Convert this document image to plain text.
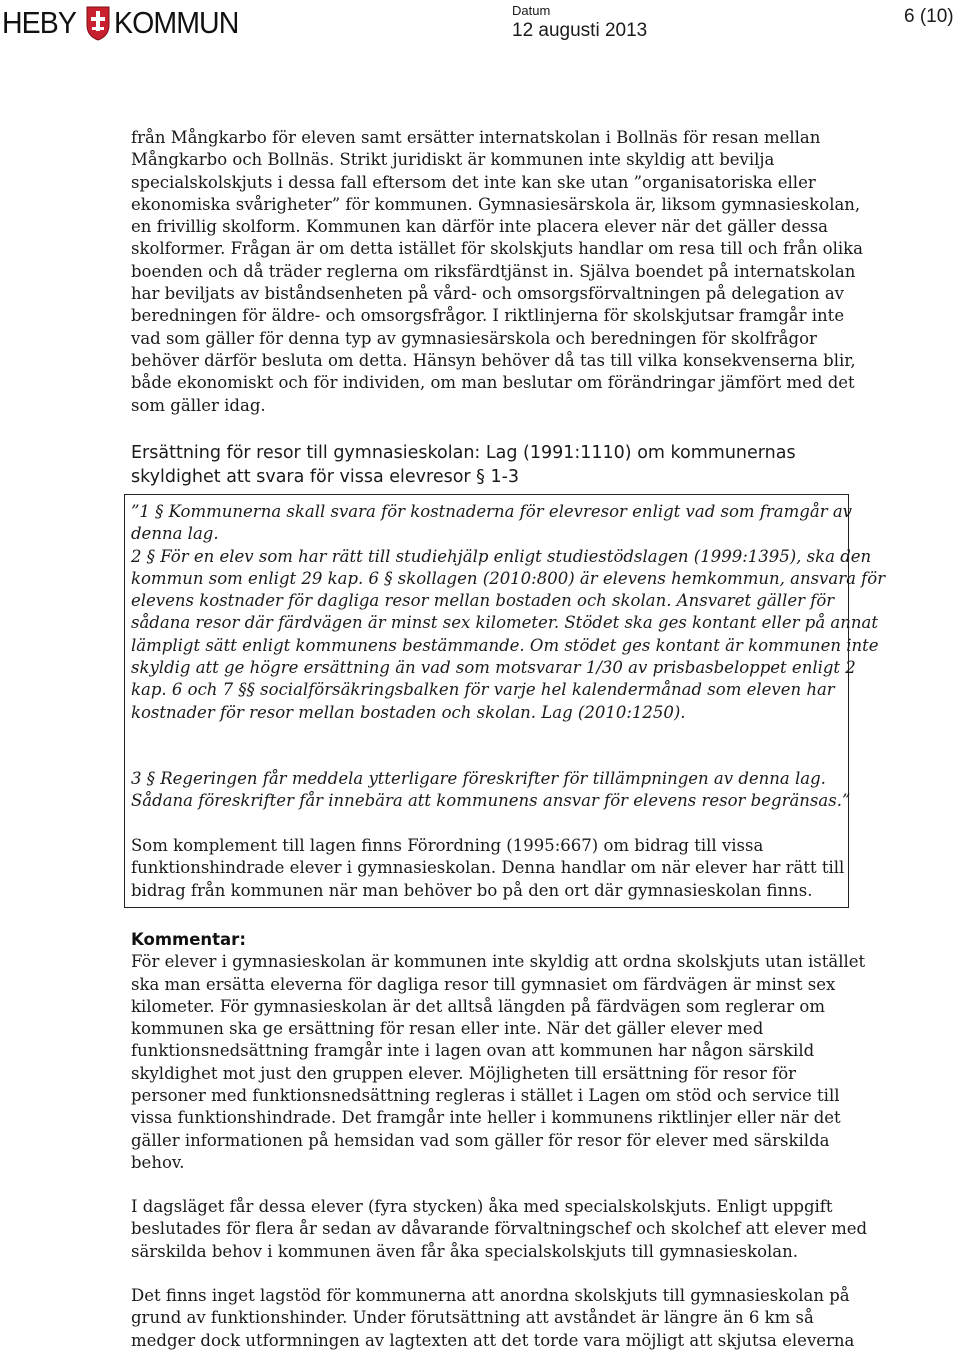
HEBY KOMMUN	Datum
12 augusti 2013
6 (10)
från Mångkarbo för eleven samt ersätter internatskolan i Bollnäs för resan mellan
Mångkarbo och Bollnäs. Strikt juridiskt är kommunen inte skyldig att bevilja
specialskolskjuts i dessa fall eftersom det inte kan ske utan ”organisatoriska eller
ekonomiska svårigheter” för kommunen. Gymnasiesärskola är, liksom gymnasieskolan,
en frivillig skolform. Kommunen kan därför inte placera elever när det gäller dessa
skolformer. Frågan är om detta istället för skolskjuts handlar om resa till och från olika
boenden och då träder reglerna om riksfärdtjänst in. Själva boendet på internatskolan
har beviljats av biståndsenheten på vård- och omsorgsförvaltningen på delegation av
beredningen för äldre- och omsorgsfrågor. I riktlinjerna för skolskjutsar framgår inte
vad som gäller för denna typ av gymnasiesärskola och beredningen för skolfrågor
behöver därför besluta om detta. Hänsyn behöver då tas till vilka konsekvenserna blir,
både ekonomiskt och för individen, om man beslutar om förändringar jämfört med det
som gäller idag.
Ersättning för resor till gymnasieskolan: Lag (1991:1110) om kommunernas
skyldighet att svara för vissa elevresor § 1-3
”1 § Kommunerna skall svara för kostnaderna för elevresor enligt vad som framgår av
denna lag.
2 § För en elev som har rätt till studiehjälp enligt studiestödslagen (1999:1395), ska den
kommun som enligt 29 kap. 6 § skollagen (2010:800) är elevens hemkommun, ansvara för
elevens kostnader för dagliga resor mellan bostaden och skolan. Ansvaret gäller för
sådana resor där färdvägen är minst sex kilometer. Stödet ska ges kontant eller på annat
lämpligt sätt enligt kommunens bestämmande. Om stödet ges kontant är kommunen inte
skyldig att ge högre ersättning än vad som motsvarar 1/30 av prisbasbeloppet enligt 2
kap. 6 och 7 §§ socialförsäkringsbalken för varje hel kalendermånad som eleven har
kostnader för resor mellan bostaden och skolan. Lag (2010:1250).
3 § Regeringen får meddela ytterligare föreskrifter för tillämpningen av denna lag.
Sådana föreskrifter får innebära att kommunens ansvar för elevens resor begränsas.”
Som komplement till lagen finns Förordning (1995:667) om bidrag till vissa
funktionshindrade elever i gymnasieskolan. Denna handlar om när elever har rätt till
bidrag från kommunen när man behöver bo på den ort där gymnasieskolan finns.
Kommentar:
För elever i gymnasieskolan är kommunen inte skyldig att ordna skolskjuts utan istället
ska man ersätta eleverna för dagliga resor till gymnasiet om färdvägen är minst sex
kilometer. För gymnasieskolan är det alltså längden på färdvägen som reglerar om
kommunen ska ge ersättning för resan eller inte. När det gäller elever med
funktionsnedsättning framgår inte i lagen ovan att kommunen har någon särskild
skyldighet mot just den gruppen elever. Möjligheten till ersättning för resor för
personer med funktionsnedsättning regleras i stället i Lagen om stöd och service till
vissa funktionshindrade. Det framgår inte heller i kommunens riktlinjer eller när det
gäller informationen på hemsidan vad som gäller för resor för elever med särskilda
behov.
I dagsläget får dessa elever (fyra stycken) åka med specialskolskjuts. Enligt uppgift
beslutades för flera år sedan av dåvarande förvaltningschef och skolchef att elever med
särskilda behov i kommunen även får åka specialskolskjuts till gymnasieskolan.
Det finns inget lagstöd för kommunerna att anordna skolskjuts till gymnasieskolan på
grund av funktionshinder. Under förutsättning att avståndet är längre än 6 km så
medger dock utformningen av lagtexten att det torde vara möjligt att skjutsa eleverna
